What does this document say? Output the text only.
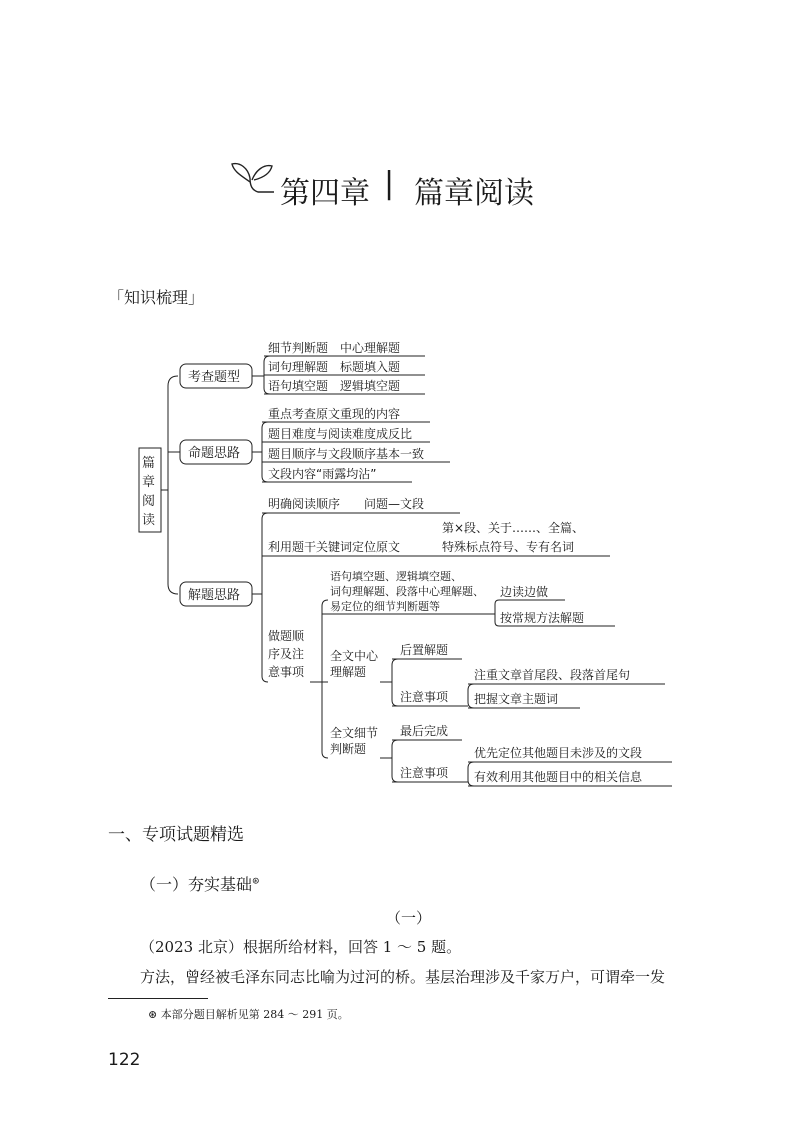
第四章 | 篇章阅读
「知识梳理」
篇
章
阅
读
考查题型
细节判断题　中心理解题
词句理解题　标题填入题
语句填空题　逻辑填空题
命题思路
重点考查原文重现的内容
题目难度与阅读难度成反比
题目顺序与文段顺序基本一致
文段内容“雨露均沾”
解题思路
明确阅读顺序　　问题—文段
利用题干关键词定位原文
第×段、关于……、全篇、
特殊标点符号、专有名词
做题顺
序及注
意事项
语句填空题、逻辑填空题、
词句理解题、段落中心理解题、
易定位的细节判断题等
边读边做
按常规方法解题
全文中心
理解题
后置解题
注意事项
注重文章首尾段、段落首尾句
把握文章主题词
全文细节
判断题
最后完成
注意事项
优先定位其他题目未涉及的文段
有效利用其他题目中的相关信息
一、专项试题精选
（一）夯实基础⊛
（一）
（2023 北京）根据所给材料，回答 1 ～ 5 题。
方法，曾经被毛泽东同志比喻为过河的桥。基层治理涉及千家万户，可谓牵一发
⊛ 本部分题目解析见第 284 ～ 291 页。
122
